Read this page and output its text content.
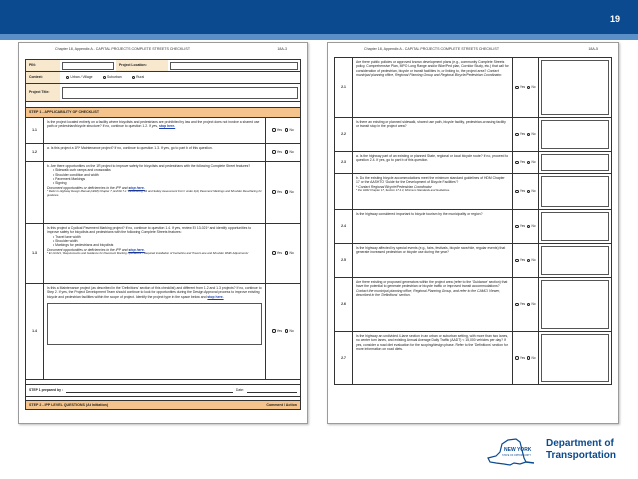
19
Chapter 18, Appendix A - CAPITAL PROJECTS COMPLETE STREETS CHECKLIST	18A-3
PIN:	Project Location:
Context:	Urban / Village	Suburban	Rural
Project Title:
STEP 1 - APPLICABILITY OF CHECKLIST
1.1
Is the project located entirely on a facility where bicyclists and pedestrians are prohibited by law and the project does not involve a shared use path or pedestrian/bicycle structure? If no, continue to question 1.2. If yes, stop here.
Yes	No
1.2
a. Is this project a 1R* Maintenance project? If no, continue to question 1.3. If yes, go to part b of this question.
Yes	No
b. Are there opportunities on the 1R project to improve safety for bicyclists and pedestrians with the following Complete Street features?
• Sidewalk curb ramps and crosswalks
• Shoulder condition and width
• Pavement Markings
• Signing
Document opportunities or deficiencies in the IPP and stop here.
* Refer to Highway Design Manual (HDM) Chapter 7, Exhibit 7-1 'Resurfacing 1R and Safety Assessment Form' under 4(A) Pavement Markings and Shoulder Resurfacing for guidance.
Yes	No
1.3
Is this project a Cyclical Pavement Marking project? If no, continue to question 1.4. If yes, review EI 13-021* and identify opportunities to improve safety for bicyclists and pedestrians with the following Complete Streets features:
• Travel lane width
• Shoulder width
• Markings for pedestrians and bicyclists
Document opportunities or deficiencies in the IPP and stop here.
* EI 13-021, 'Requirements and Guidance for Pavement Marking Operations - Required installation of Centerline and Travel Lane and Shoulder Width Adjustments'	Yes	No
1.4
Is this a Maintenance project (as described in the 'Definitions' section of this checklist) and different from 1.2 and 1.3 projects? If no, continue to Step 2. If yes, the Project Development Team should continue to look for opportunities during the Design Approval process to improve existing bicycle and pedestrian facilities within the scope of project. Identify the project type in the space below and stop here.
Yes	No
STEP 1 prepared by :	Date:
STEP 2 - IPP LEVEL QUESTIONS (At Initiation)	Comment / Action
Chapter 18, Appendix A - CAPITAL PROJECTS COMPLETE STREETS CHECKLIST	18A-5
2.1
Are there public policies or approved known development plans (e.g., community Complete Streets policy, Comprehensive Plan, MPO Long Range and/or Bike/Ped plan, Corridor Study, etc.) that call for consideration of pedestrian, bicycle or transit facilities in, or linking to, the project area? Contact municipal planning office, Regional Planning Group and Regional Bicycle/Pedestrian Coordinator.
Yes	No
2.2
Is there an existing or planned sidewalk, shared use path, bicycle facility, pedestrian-crossing facility or transit stop in the project area?
Yes	No
2.3
a. Is the highway part of an existing or planned State, regional or local bicycle route? If no, proceed to question 2.4. If yes, go to part b of this question.	Yes	No
b. Do the existing bicycle accommodations meet the minimum standard guidelines of HDM Chapter 17 or the AASHTO 'Guide for the Development of Bicycle Facilities'?
* Contact Regional Bicycle/Pedestrian Coordinator
* Per HDM Chapter 17, Section 17.4.3, Minimum Standards and Guidelines.	Yes	No
2.4
Is the highway considered important to bicycle tourism by the municipality or region?
Yes	No
2.5
Is the highway affected by special events (e.g., fairs, festivals, bicycle race/ride, regular events) that generate increased pedestrian or bicycle use during the year?
Yes	No
2.6
Are there existing or proposed generators within the project area (refer to the 'Guidance' section) that have the potential to generate pedestrian or bicycle traffic or improved transit accommodations? Contact the municipal planning office, Regional Planning Group, and refer to the CAMCI Viewer, described in the 'Definitions' section.
Yes	No
2.7
Is the highway an undivided 4-lane section in an urban or suburban setting, with more than two lanes, no center turn lanes, and existing Annual Average Daily Traffic (AADT) < 15,000 vehicles per day? If yes, consider a road diet evaluation for the scoping/design phase. Refer to the 'Definitions' section for more information on road diets.
Yes	No
NEW YORK
STATE OF OPPORTUNITY
Department of
Transportation
